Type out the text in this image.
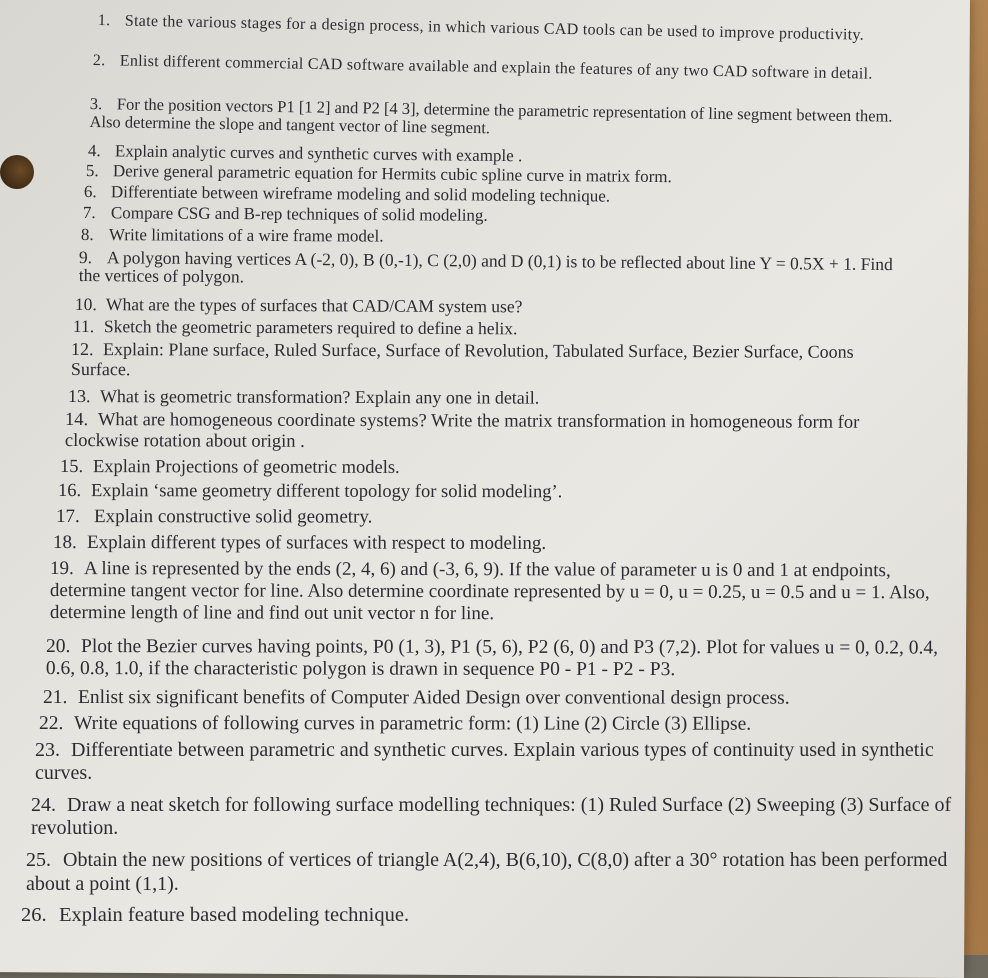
1. State the various stages for a design process, in which various CAD tools can be used to improve productivity.
2. Enlist different commercial CAD software available and explain the features of any two CAD software in detail.
3. For the position vectors P1 [1 2] and P2 [4 3], determine the parametric representation of line segment between them. Also determine the slope and tangent vector of line segment.
4. Explain analytic curves and synthetic curves with example .
5. Derive general parametric equation for Hermits cubic spline curve in matrix form.
6. Differentiate between wireframe modeling and solid modeling technique.
7. Compare CSG and B-rep techniques of solid modeling.
8. Write limitations of a wire frame model.
9. A polygon having vertices A (-2, 0), B (0,-1), C (2,0) and D (0,1) is to be reflected about line Y = 0.5X + 1. Find the vertices of polygon.
10. What are the types of surfaces that CAD/CAM system use?
11. Sketch the geometric parameters required to define a helix.
12. Explain: Plane surface, Ruled Surface, Surface of Revolution, Tabulated Surface, Bezier Surface, Coons Surface.
13. What is geometric transformation? Explain any one in detail.
14. What are homogeneous coordinate systems? Write the matrix transformation in homogeneous form for clockwise rotation about origin .
15. Explain Projections of geometric models.
16. Explain ‘same geometry different topology for solid modeling’.
17. Explain constructive solid geometry.
18. Explain different types of surfaces with respect to modeling.
19. A line is represented by the ends (2, 4, 6) and (-3, 6, 9). If the value of parameter u is 0 and 1 at endpoints, determine tangent vector for line. Also determine coordinate represented by u = 0, u = 0.25, u = 0.5 and u = 1. Also, determine length of line and find out unit vector n for line.
20. Plot the Bezier curves having points, P0 (1, 3), P1 (5, 6), P2 (6, 0) and P3 (7,2). Plot for values u = 0, 0.2, 0.4, 0.6, 0.8, 1.0, if the characteristic polygon is drawn in sequence P0 - P1 - P2 - P3.
21. Enlist six significant benefits of Computer Aided Design over conventional design process.
22. Write equations of following curves in parametric form: (1) Line (2) Circle (3) Ellipse.
23. Differentiate between parametric and synthetic curves. Explain various types of continuity used in synthetic curves.
24. Draw a neat sketch for following surface modelling techniques: (1) Ruled Surface (2) Sweeping (3) Surface of revolution.
25. Obtain the new positions of vertices of triangle A(2,4), B(6,10), C(8,0) after a 30° rotation has been performed about a point (1,1).
26. Explain feature based modeling technique.
